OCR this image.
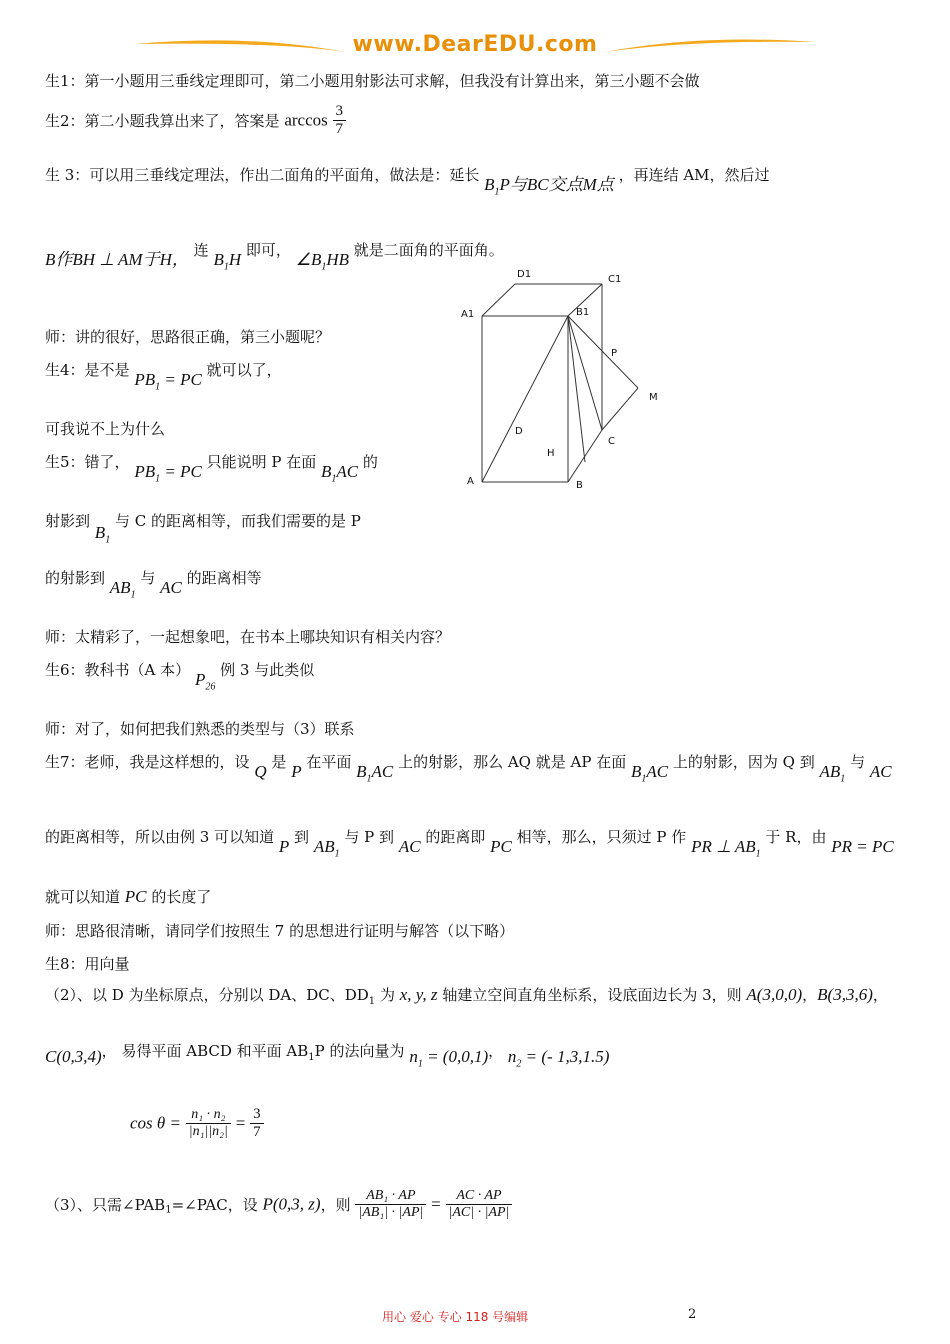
www.DearEDU.com
生1：第一小题用三垂线定理即可，第二小题用射影法可求解，但我没有计算出来，第三小题不会做
生2：第二小题我算出来了，答案是 $\arccos \frac{3}{7}$
生 3：可以用三垂线定理法，作出二面角的平面角，做法是：延长 $B_1P$与BC交点M点 ，再连结 AM，然后过
B作BH ⊥ AM于H， 连 $B_1H$ 即可， $\angle B_1HB$ 就是二面角的平面角。
D1	C1
A1	B1
P
M
D
H
C
A	B
师：讲的很好，思路很正确，第三小题呢？
生4：是不是 $PB_1$ = PC 就可以了，
可我说不上为什么
生5：错了， $PB_1$ = PC 只能说明 P 在面 $B_1AC$ 的
射影到 $B_1$ 与 C 的距离相等，而我们需要的是 P
的射影到 $AB_1$ 与 AC 的距离相等
师：太精彩了，一起想象吧，在书本上哪块知识有相关内容？
生6：教科书（A 本） $P_{26}$ 例 3 与此类似
师：对了，如何把我们熟悉的类型与（3）联系
生7：老师，我是这样想的，设 Q 是 P 在平面 $B_1AC$ 上的射影，那么 AQ 就是 AP 在面 $B_1AC$ 上的射影，因为 Q 到 $AB_1$ 与 AC
的距离相等，所以由例 3 可以知道 P 到 $AB_1$ 与 P 到 AC 的距离即 PC 相等，那么，只须过 P 作 PR ⊥ $AB_1$ 于 R，由 PR = PC
就可以知道 PC 的长度了
师：思路很清晰，请同学们按照生 7 的思想进行证明与解答（以下略）
生8：用向量
（2）、以 D 为坐标原点，分别以 DA、DC、$DD_1$ 为 x, y, z 轴建立空间直角坐标系，设底面边长为 3，则 A(3,0,0)，B(3,3,6)，
C(0,3,4)， 易得平面 ABCD 和平面 $AB_1P$ 的法向量为 $n_1 = (0,0,1)$， $n_2$ = (- 1,3,1.5)
$\cos \theta = \frac{\text{n₁ · n₂}}{\text{|n₁||n₂|}} = \frac{3}{7}$
（3）、只需$\angle PAB_1=\angle PAC$，设 P(0,3, z)，则 $\frac{\text{AB₁ · AP}}{\text{|AB₁| · |AP|}} = \frac{AC \cdot AP}{|AC| \cdot |AP|}$
用心 爱心 专心 118 号编辑	2
